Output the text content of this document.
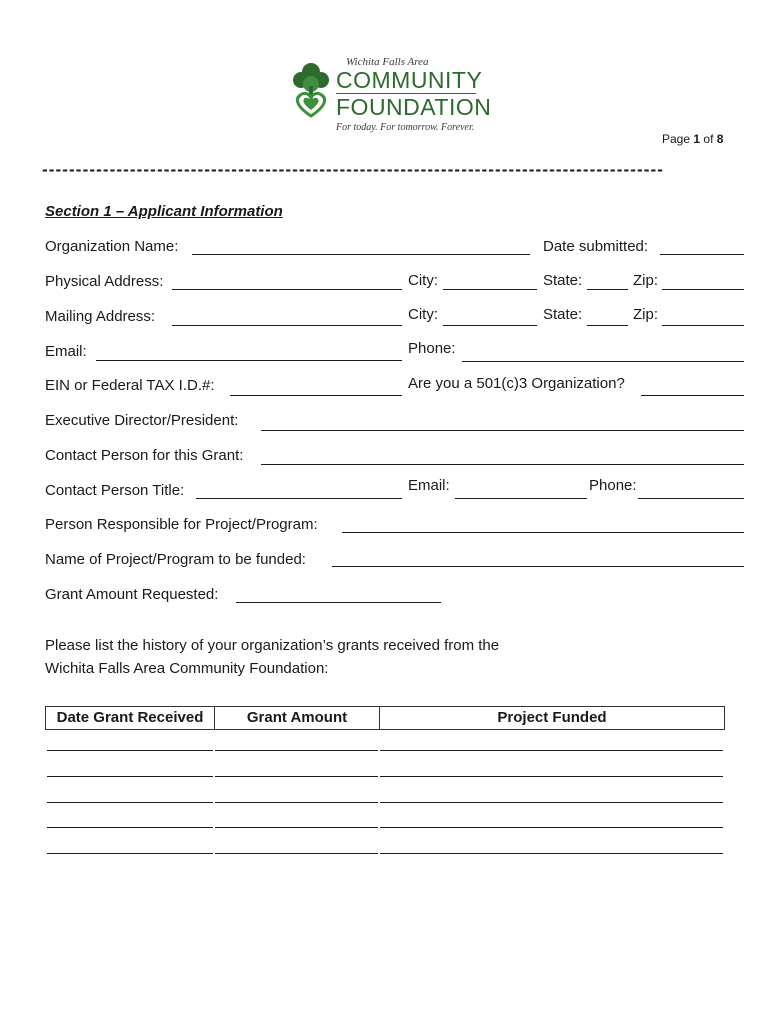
Wichita Falls Area
COMMUNITY
FOUNDATION
For today. For tomorrow. Forever.
Page 1 of 8
--------------------------------------------------------------------------------------------
Section 1 – Applicant Information
Organization Name:	Date submitted:
Physical Address:	City:	State:	Zip:
Mailing Address:	City:	State:	Zip:
Email:	Phone:
EIN or Federal TAX I.D.#:	Are you a 501(c)3 Organization?
Executive Director/President:
Contact Person for this Grant:
Contact Person Title:	Email:	Phone:
Person Responsible for Project/Program:
Name of Project/Program to be funded:
Grant Amount Requested:
Please list the history of your organization’s grants received from the
Wichita Falls Area Community Foundation:
Date Grant Received	Grant Amount	Project Funded
